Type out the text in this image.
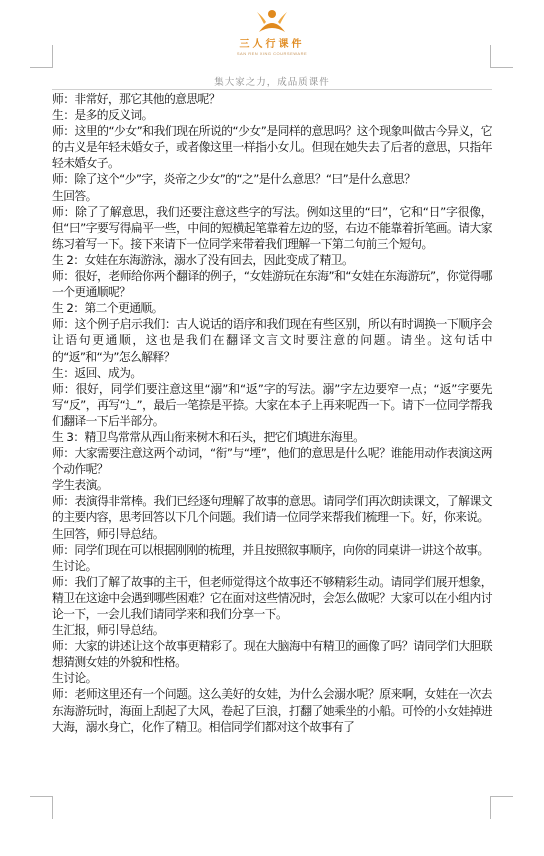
三人行课件
SAN REN XING COURSEWARE
集大家之力，成品质课件

师：非常好，那它其他的意思呢？

生：是多的反义词。

师：这里的“少女”和我们现在所说的“少女”是同样的意思吗？这个现象叫做古今异义，它的古义是年轻未婚女子，或者像这里一样指小女儿。但现在她失去了后者的意思，只指年轻未婚女子。

师：除了这个“少”字，炎帝之少女”的“之”是什么意思？“曰”是什么意思？

生回答。

师：除了了解意思，我们还要注意这些字的写法。例如这里的“曰”，它和“日”字很像，但“曰”字要写得扁平一些，中间的短横起笔靠着左边的竖，右边不能靠着折笔画。请大家练习着写一下。接下来请下一位同学来带着我们理解一下第二句前三个短句。

生 2：女娃在东海游泳，溺水了没有回去，因此变成了精卫。

师：很好，老师给你两个翻译的例子，“女娃游玩在东海”和“女娃在东海游玩”，你觉得哪一个更通顺呢？

生 2：第二个更通顺。

师：这个例子启示我们：古人说话的语序和我们现在有些区别，所以有时调换一下顺序会让语句更通顺，这也是我们在翻译文言文时要注意的问题。请坐。这句话中的“返”和“为”怎么解释？

生：返回、成为。

师：很好，同学们要注意这里“溺”和“返”字的写法。溺”字左边要窄一点；“返”字要先写“反”，再写“⻌”，最后一笔捺是平捺。大家在本子上再来呢西一下。请下一位同学帮我们翻译一下后半部分。

生 3：精卫鸟常常从西山衔来树木和石头，把它们填进东海里。

师：大家需要注意这两个动词，“衔”与“堙”，他们的意思是什么呢？谁能用动作表演这两个动作呢？

学生表演。

师：表演得非常棒。我们已经逐句理解了故事的意思。请同学们再次朗读课文，了解课文的主要内容，思考回答以下几个问题。我们请一位同学来帮我们梳理一下。好，你来说。

生回答，师引导总结。

师：同学们现在可以根据刚刚的梳理，并且按照叙事顺序，向你的同桌讲一讲这个故事。

生讨论。

师：我们了解了故事的主干，但老师觉得这个故事还不够精彩生动。请同学们展开想象，精卫在这途中会遇到哪些困难？它在面对这些情况时，会怎么做呢？大家可以在小组内讨论一下，一会儿我们请同学来和我们分享一下。

生汇报，师引导总结。

师：大家的讲述让这个故事更精彩了。现在大脑海中有精卫的画像了吗？请同学们大胆联想猜测女娃的外貌和性格。

生讨论。

师：老师这里还有一个问题。这么美好的女娃，为什么会溺水呢？原来啊，女娃在一次去东海游玩时，海面上刮起了大风，卷起了巨浪，打翻了她乘坐的小船。可怜的小女娃掉进大海，溺水身亡，化作了精卫。相信同学们都对这个故事有了
